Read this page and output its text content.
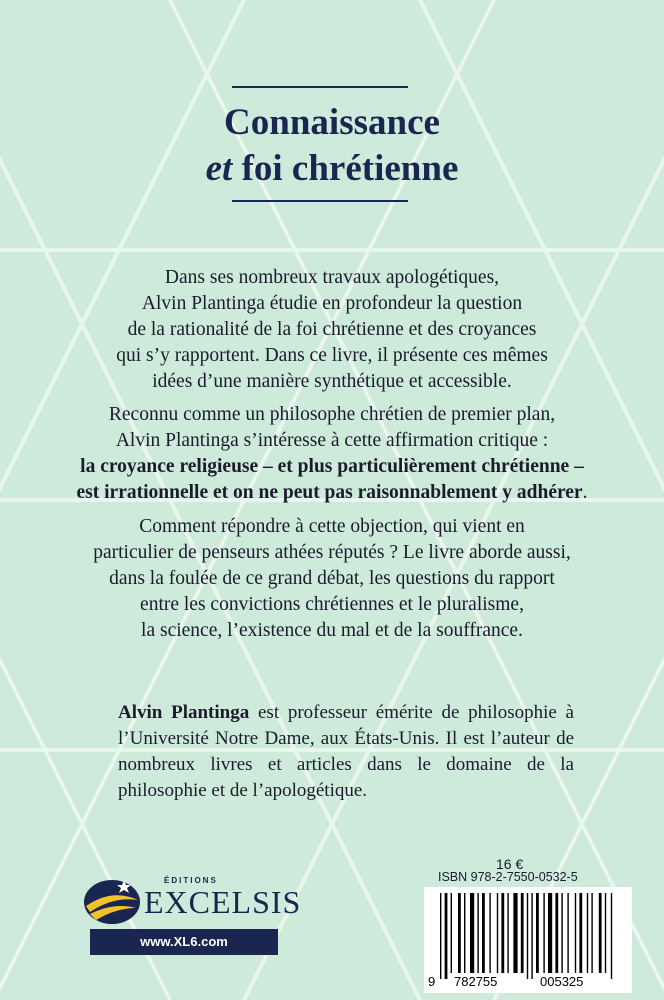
Connaissance
et foi chrétienne
Dans ses nombreux travaux apologétiques,
Alvin Plantinga étudie en profondeur la question
de la rationalité de la foi chrétienne et des croyances
qui s’y rapportent. Dans ce livre, il présente ces mêmes
idées d’une manière synthétique et accessible.
Reconnu comme un philosophe chrétien de premier plan,
Alvin Plantinga s’intéresse à cette affirmation critique :
la croyance religieuse – et plus particulièrement chrétienne –
est irrationnelle et on ne peut pas raisonnablement y adhérer.
Comment répondre à cette objection, qui vient en
particulier de penseurs athées réputés ? Le livre aborde aussi,
dans la foulée de ce grand débat, les questions du rapport
entre les convictions chrétiennes et le pluralisme,
la science, l’existence du mal et de la souffrance.
Alvin Plantinga est professeur émérite de philosophie à l’Université Notre Dame, aux États-Unis. Il est l’auteur de nombreux livres et articles dans le domaine de la philosophie et de l’apologétique.
ÉDITIONS
EXCELSIS
www.XL6.com
16 €
ISBN 978-2-7550-0532-5
9 782755	005325
